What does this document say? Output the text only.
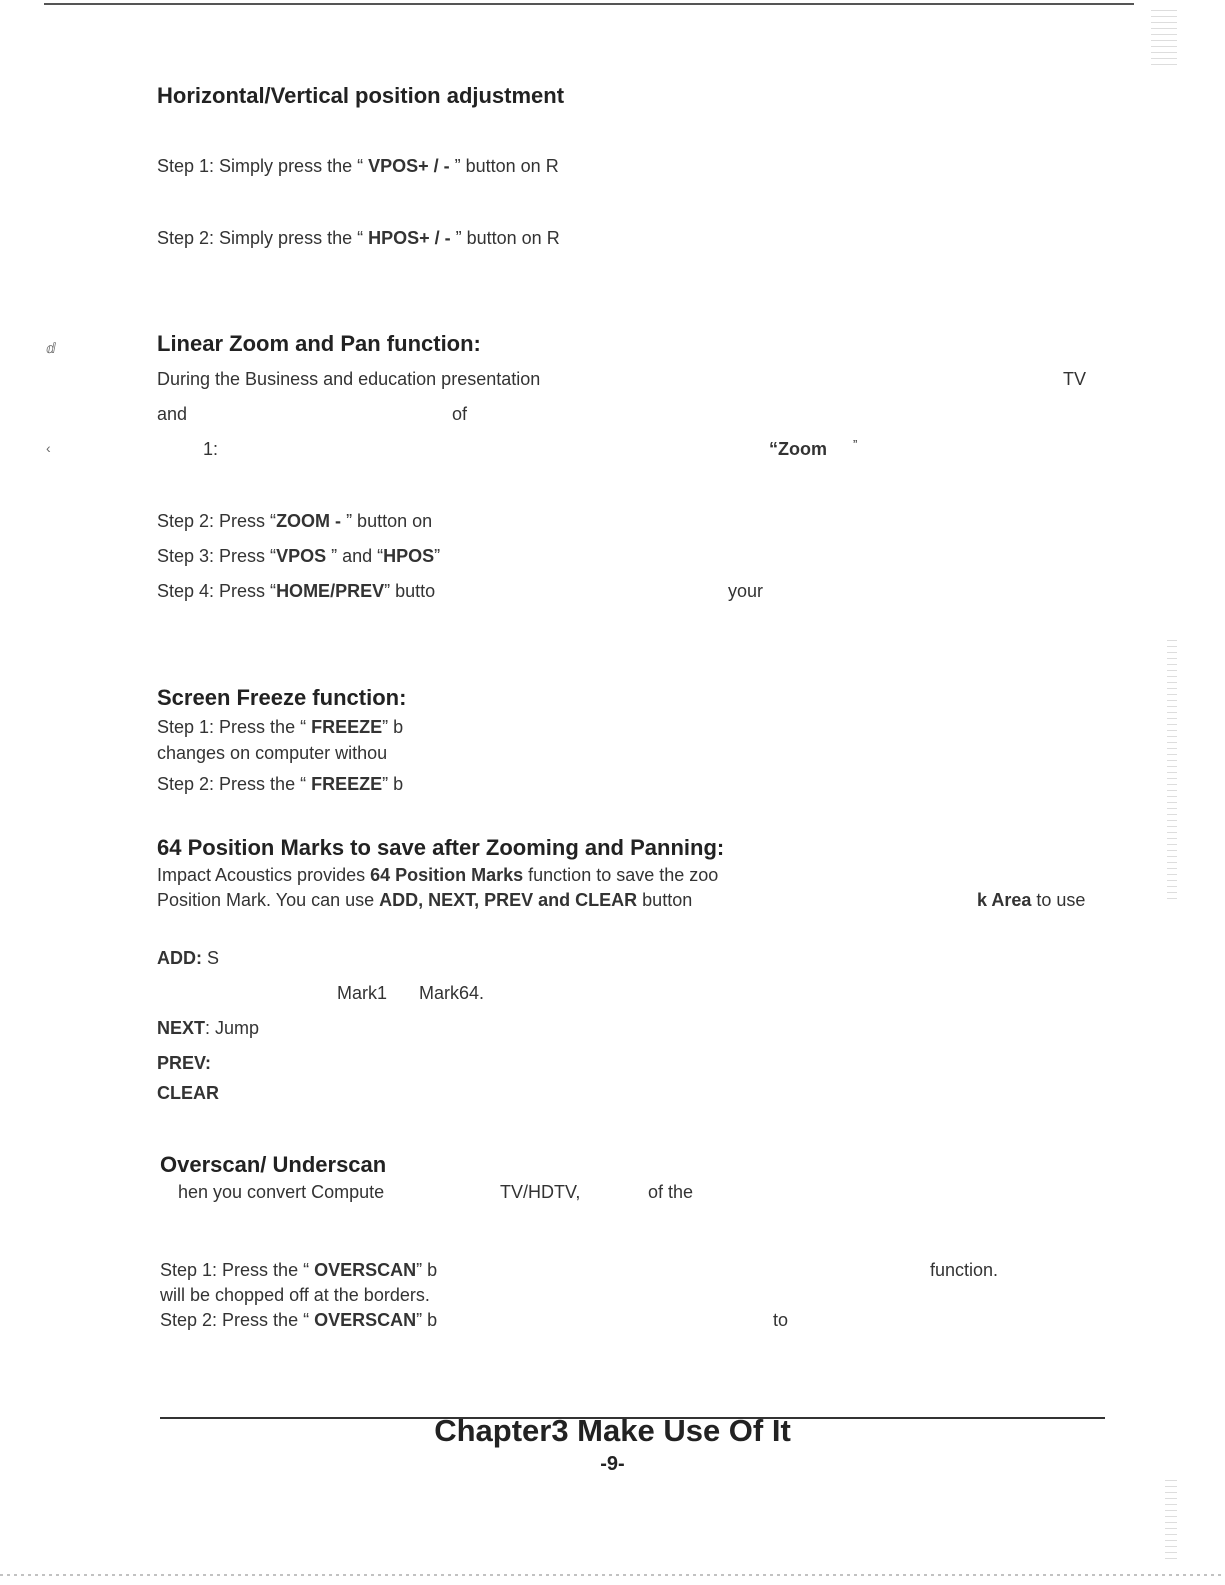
ⅆ
‹
Horizontal/Vertical position adjustment
Step 1: Simply press the “ VPOS+ / - ” button on R
Step 2: Simply press the “ HPOS+ / - ” button on R
Linear Zoom and Pan function:
During the Business and education presentation	TV
and	of
1:	“Zoom ”
Step 2: Press “ZOOM - ” button on
Step 3: Press “VPOS ” and “HPOS”
Step 4: Press “HOME/PREV” butto	your
Screen Freeze function:
Step 1: Press the “ FREEZE” b
changes on computer withou
Step 2: Press the “ FREEZE” b
64 Position Marks to save after Zooming and Panning:
Impact Acoustics provides 64 Position Marks function to save the zoo
Position Mark. You can use ADD, NEXT, PREV and CLEAR button	k Area to use
ADD: S
Mark1 Mark64.
NEXT: Jump
PREV:
CLEAR
Overscan/ Underscan
hen you convert Compute	TV/HDTV,	of the
Step 1: Press the “ OVERSCAN” b	function.
will be chopped off at the borders.
Step 2: Press the “ OVERSCAN” b	to
Chapter3 Make Use Of It
-9-
